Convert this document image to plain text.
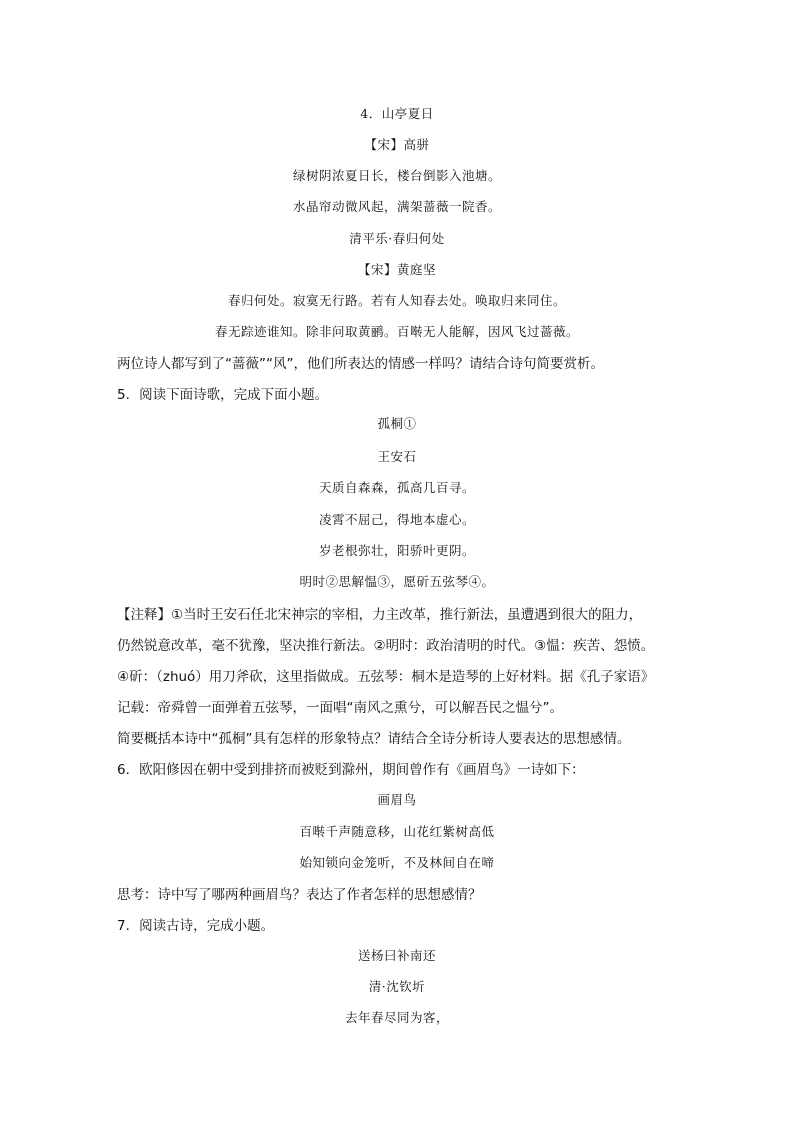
4．山亭夏日
【宋】高骈
绿树阴浓夏日长，楼台倒影入池塘。
水晶帘动微风起，满架蔷薇一院香。
清平乐·春归何处
【宋】黄庭坚
春归何处。寂寞无行路。若有人知春去处。唤取归来同住。
春无踪迹谁知。除非问取黄鹂。百啭无人能解，因风飞过蔷薇。
两位诗人都写到了“蔷薇”“风”，他们所表达的情感一样吗？请结合诗句简要赏析。
5．阅读下面诗歌，完成下面小题。
孤桐①
王安石
天质自森森，孤高几百寻。
凌霄不屈己，得地本虚心。
岁老根弥壮，阳骄叶更阴。
明时②思解愠③，愿斫五弦琴④。
【注释】①当时王安石任北宋神宗的宰相，力主改革，推行新法，虽遭遇到很大的阻力，
仍然锐意改革，毫不犹豫，坚决推行新法。②明时：政治清明的时代。③愠：疾苦、怨愤。
④斫：（zhuó）用刀斧砍，这里指做成。五弦琴：桐木是造琴的上好材料。据《孔子家语》
记载：帝舜曾一面弹着五弦琴，一面唱“南风之熏兮，可以解吾民之愠兮”。
简要概括本诗中“孤桐”具有怎样的形象特点？请结合全诗分析诗人要表达的思想感情。
6．欧阳修因在朝中受到排挤而被贬到滁州，期间曾作有《画眉鸟》一诗如下：
画眉鸟
百啭千声随意移，山花红紫树高低
始知锁向金笼听，不及林间自在啼
思考：诗中写了哪两种画眉鸟？表达了作者怎样的思想感情？
7．阅读古诗，完成小题。
送杨曰补南还
清·沈钦圻
去年春尽同为客，
